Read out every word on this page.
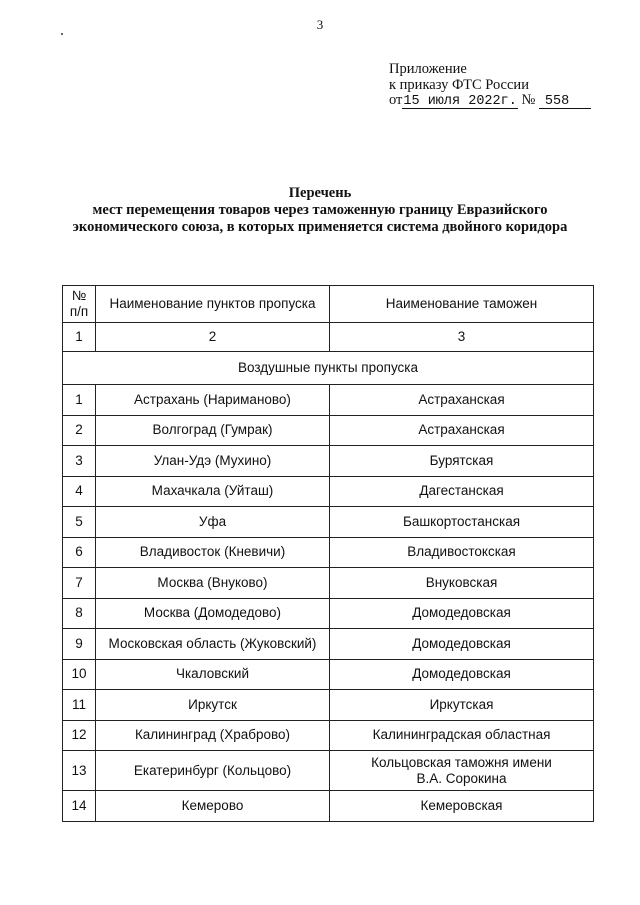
3
Приложение
к приказу ФТС России
от15 июля 2022г. № 558
Перечень
мест перемещения товаров через таможенную границу Евразийского
экономического союза, в которых применяется система двойного коридора
№ п/п	Наименование пунктов пропуска	Наименование таможен
1	2	3
Воздушные пункты пропуска		
1	Астрахань (Нариманово)	Астраханская
2	Волгоград (Гумрак)	Астраханская
3	Улан-Удэ (Мухино)	Бурятская
4	Махачкала (Уйташ)	Дагестанская
5	Уфа	Башкортостанская
6	Владивосток (Кневичи)	Владивостокская
7	Москва (Внуково)	Внуковская
8	Москва (Домодедово)	Домодедовская
9	Московская область (Жуковский)	Домодедовская
10	Чкаловский	Домодедовская
11	Иркутск	Иркутская
12	Калининград (Храброво)	Калининградская областная
13	Екатеринбург (Кольцово)	Кольцовская таможня имени
В.А. Сорокина
14	Кемерово	Кемеровская
